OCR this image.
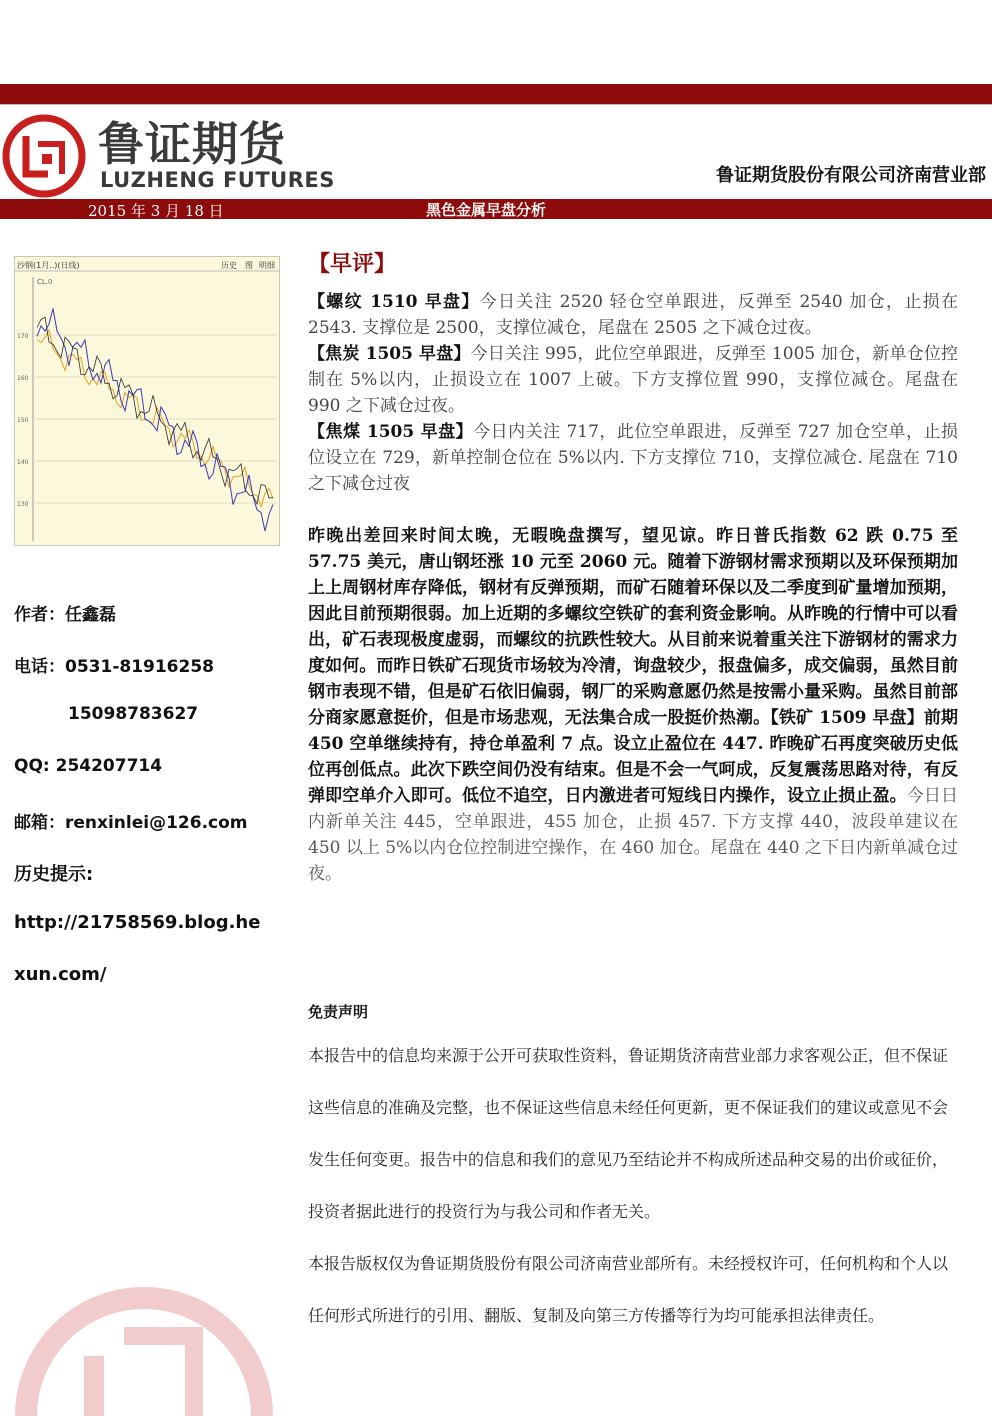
鲁证期货
LUZHENG FUTURES	鲁证期货股份有限公司济南营业部
2015 年 3 月 18 日	黑色金属早盘分析
沙钢(1月..)(日线)	历史 图 明细
CL.0
170
160
150
140
130
作者：任鑫磊
电话：0531-81916258
15098783627
QQ: 254207714
邮箱：renxinlei@126.com
历史提示:
http://21758569.blog.he
xun.com/
【早评】
【螺纹 1510 早盘】今日关注 2520 轻仓空单跟进，反弹至 2540 加仓，止损在 2543. 支撑位是 2500，支撑位减仓，尾盘在 2505 之下减仓过夜。
【焦炭 1505 早盘】今日关注 995，此位空单跟进，反弹至 1005 加仓，新单仓位控制在 5%以内，止损设立在 1007 上破。下方支撑位置 990，支撑位减仓。尾盘在 990 之下减仓过夜。
【焦煤 1505 早盘】今日内关注 717，此位空单跟进，反弹至 727 加仓空单，止损位设立在 729，新单控制仓位在 5%以内. 下方支撑位 710，支撑位减仓. 尾盘在 710 之下减仓过夜
昨晚出差回来时间太晚，无暇晚盘撰写，望见谅。昨日普氏指数 62 跌 0.75 至 57.75 美元，唐山钢坯涨 10 元至 2060 元。随着下游钢材需求预期以及环保预期加上上周钢材库存降低，钢材有反弹预期，而矿石随着环保以及二季度到矿量增加预期，因此目前预期很弱。加上近期的多螺纹空铁矿的套利资金影响。从昨晚的行情中可以看出，矿石表现极度虚弱，而螺纹的抗跌性较大。从目前来说着重关注下游钢材的需求力度如何。而昨日铁矿石现货市场较为冷清，询盘较少，报盘偏多，成交偏弱，虽然目前钢市表现不错，但是矿石依旧偏弱，钢厂的采购意愿仍然是按需小量采购。虽然目前部分商家愿意挺价，但是市场悲观，无法集合成一股挺价热潮。【铁矿 1509 早盘】前期 450 空单继续持有，持仓单盈利 7 点。设立止盈位在 447. 昨晚矿石再度突破历史低位再创低点。此次下跌空间仍没有结束。但是不会一气呵成，反复震荡思路对待，有反弹即空单介入即可。低位不追空，日内激进者可短线日内操作，设立止损止盈。今日日内新单关注 445，空单跟进，455 加仓，止损 457. 下方支撑 440，波段单建议在 450 以上 5%以内仓位控制进空操作，在 460 加仓。尾盘在 440 之下日内新单减仓过夜。
免责声明
本报告中的信息均来源于公开可获取性资料，鲁证期货济南营业部力求客观公正，但不保证这些信息的准确及完整，也不保证这些信息未经任何更新，更不保证我们的建议或意见不会发生任何变更。报告中的信息和我们的意见乃至结论并不构成所述品种交易的出价或征价，投资者据此进行的投资行为与我公司和作者无关。
本报告版权仅为鲁证期货股份有限公司济南营业部所有。未经授权许可，任何机构和个人以任何形式所进行的引用、翻版、复制及向第三方传播等行为均可能承担法律责任。
